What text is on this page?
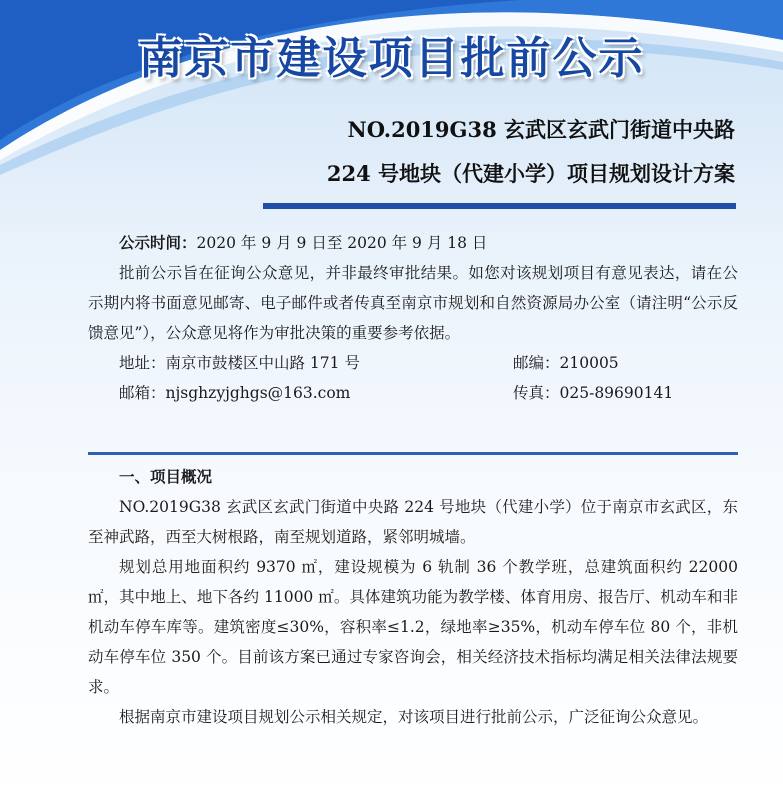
南京市建设项目批前公示
NO.2019G38 玄武区玄武门街道中央路
224 号地块（代建小学）项目规划设计方案

公示时间：2020 年 9 月 9 日至 2020 年 9 月 18 日

批前公示旨在征询公众意见，并非最终审批结果。如您对该规划项目有意见表达，请在公示期内将书面意见邮寄、电子邮件或者传真至南京市规划和自然资源局办公室（请注明“公示反馈意见”），公众意见将作为审批决策的重要参考依据。

地址：南京市鼓楼区中山路 171 号	邮编：210005
邮箱：njsghzyjghgs@163.com	传真：025-89690141

一、项目概况

NO.2019G38 玄武区玄武门街道中央路 224 号地块（代建小学）位于南京市玄武区，东至神武路，西至大树根路，南至规划道路，紧邻明城墙。

规划总用地面积约 9370 ㎡，建设规模为 6 轨制 36 个教学班，总建筑面积约 22000 ㎡，其中地上、地下各约 11000 ㎡。具体建筑功能为教学楼、体育用房、报告厅、机动车和非机动车停车库等。建筑密度≤30%，容积率≤1.2，绿地率≥35%，机动车停车位 80 个，非机动车停车位 350 个。目前该方案已通过专家咨询会，相关经济技术指标均满足相关法律法规要求。

根据南京市建设项目规划公示相关规定，对该项目进行批前公示，广泛征询公众意见。
